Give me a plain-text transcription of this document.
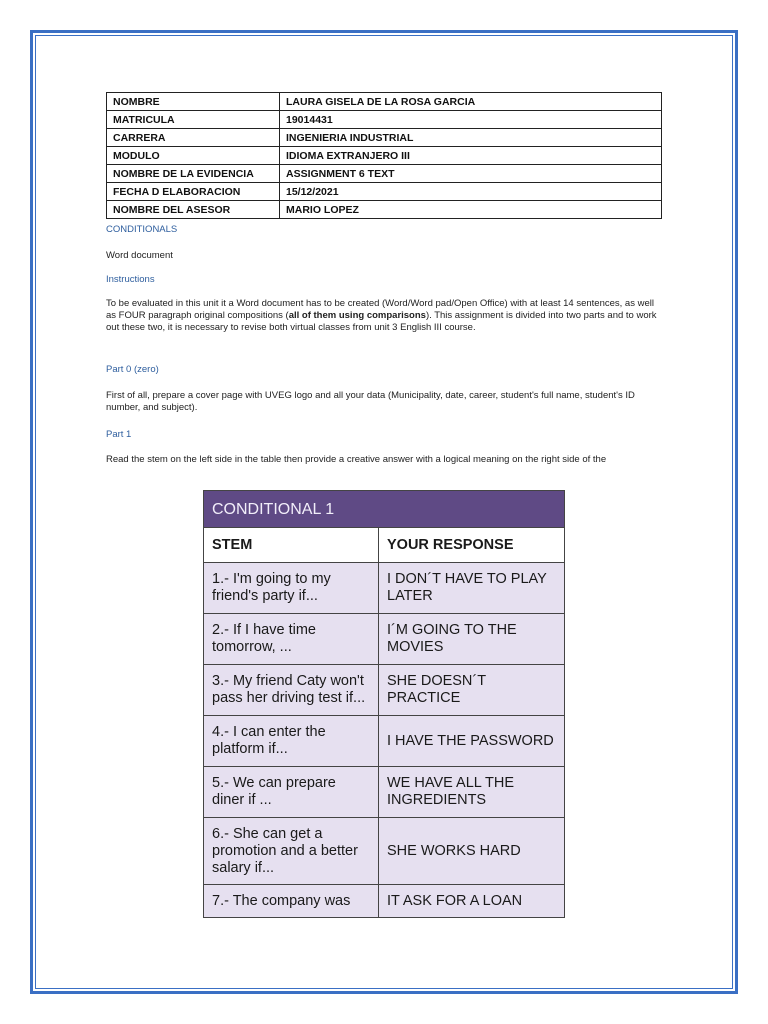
NOMBRE	LAURA GISELA DE LA ROSA GARCIA
MATRICULA	19014431
CARRERA	INGENIERIA INDUSTRIAL
MODULO	IDIOMA EXTRANJERO III
NOMBRE DE LA EVIDENCIA	ASSIGNMENT 6 TEXT
FECHA D ELABORACION	15/12/2021
NOMBRE DEL ASESOR	MARIO LOPEZ
CONDITIONALS
Word document
Instructions
To be evaluated in this unit it a Word document has to be created (Word/Word pad/Open Office) with at least 14 sentences, as well as FOUR paragraph original compositions (all of them using comparisons). This assignment is divided into two parts and to work out these two, it is necessary to revise both virtual classes from unit 3 English III course.
Part 0 (zero)
First of all, prepare a cover page with UVEG logo and all your data (Municipality, date, career, student's full name, student's ID number, and subject).
Part 1
Read the stem on the left side in the table then provide a creative answer with a logical meaning on the right side of the
CONDITIONAL 1	
STEM	YOUR RESPONSE
1.- I'm going to my friend's party if...	I DON´T HAVE TO PLAY LATER
2.- If I have time tomorrow, ...	I´M GOING TO THE MOVIES
3.- My friend Caty won't pass her driving test if...	SHE DOESN´T PRACTICE
4.- I can enter the platform if...	I HAVE THE PASSWORD
5.- We can prepare diner if ...	WE HAVE ALL THE INGREDIENTS
6.- She can get a promotion and a better salary if...	SHE WORKS HARD
7.- The company was	IT ASK FOR A LOAN
